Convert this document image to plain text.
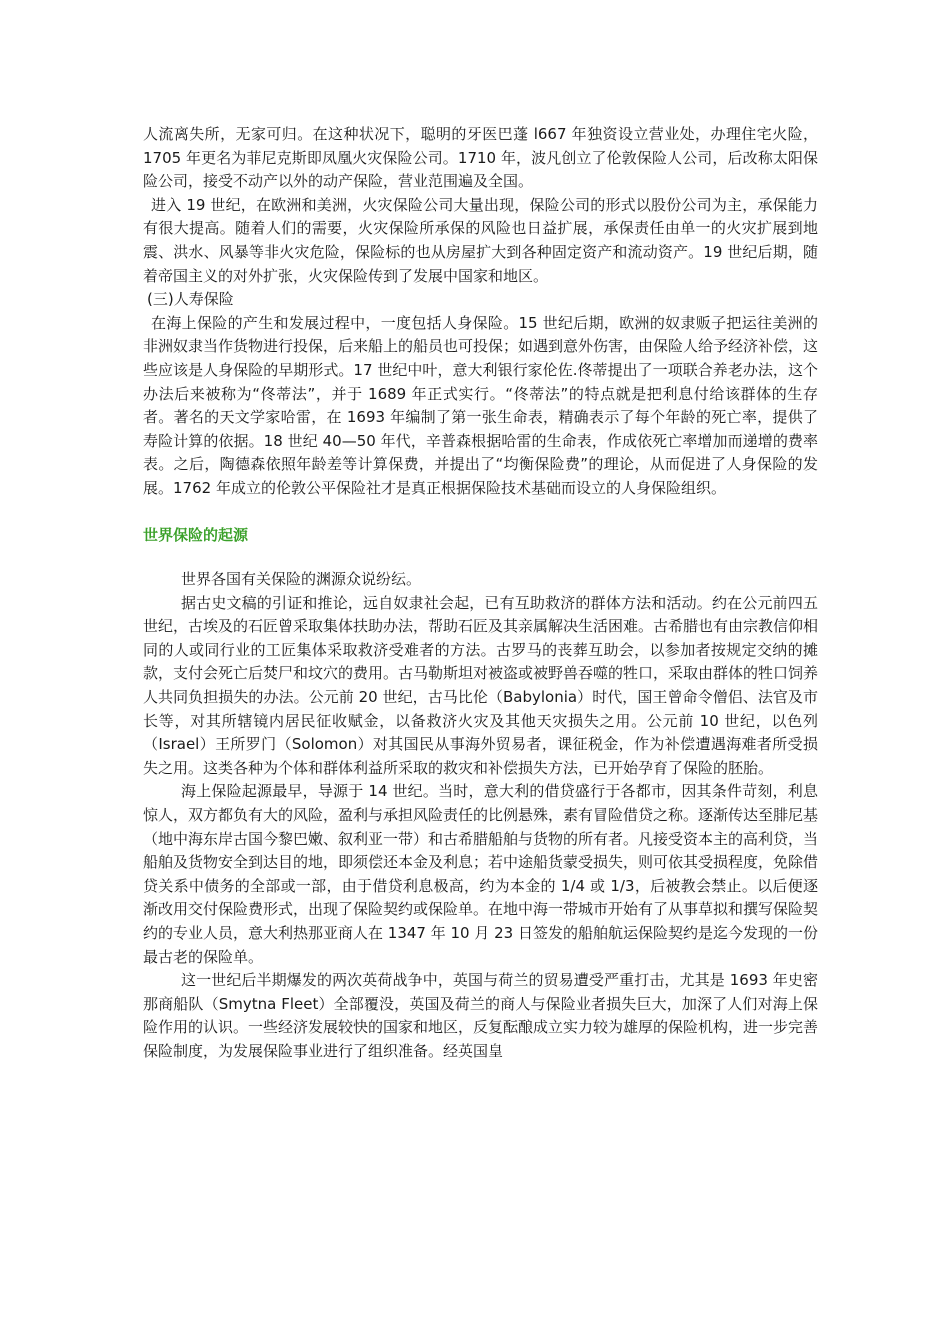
人流离失所，无家可归。在这种状况下，聪明的牙医巴蓬 l667 年独资设立营业处，办理住宅火险，1705 年更名为菲尼克斯即凤凰火灾保险公司。1710 年，波凡创立了伦敦保险人公司，后改称太阳保险公司，接受不动产以外的动产保险，营业范围遍及全国。

进入 19 世纪，在欧洲和美洲，火灾保险公司大量出现，保险公司的形式以股份公司为主，承保能力有很大提高。随着人们的需要，火灾保险所承保的风险也日益扩展，承保责任由单一的火灾扩展到地震、洪水、风暴等非火灾危险，保险标的也从房屋扩大到各种固定资产和流动资产。19 世纪后期，随着帝国主义的对外扩张，火灾保险传到了发展中国家和地区。

(三)人寿保险

在海上保险的产生和发展过程中，一度包括人身保险。15 世纪后期，欧洲的奴隶贩子把运往美洲的非洲奴隶当作货物进行投保，后来船上的船员也可投保；如遇到意外伤害，由保险人给予经济补偿，这些应该是人身保险的早期形式。17 世纪中叶，意大利银行家伦佐.佟蒂提出了一项联合养老办法，这个办法后来被称为“佟蒂法”，并于 1689 年正式实行。“佟蒂法”的特点就是把利息付给该群体的生存者。著名的天文学家哈雷，在 1693 年编制了第一张生命表，精确表示了每个年龄的死亡率，提供了寿险计算的依据。18 世纪 40—50 年代，辛普森根据哈雷的生命表，作成依死亡率增加而递增的费率表。之后，陶德森依照年龄差等计算保费，并提出了“均衡保险费”的理论，从而促进了人身保险的发展。1762 年成立的伦敦公平保险社才是真正根据保险技术基础而设立的人身保险组织。

世界保险的起源

世界各国有关保险的渊源众说纷纭。

据古史文稿的引证和推论，远自奴隶社会起，已有互助救济的群体方法和活动。约在公元前四五世纪，古埃及的石匠曾采取集体扶助办法，帮助石匠及其亲属解决生活困难。古希腊也有由宗教信仰相同的人或同行业的工匠集体采取救济受难者的方法。古罗马的丧葬互助会，以参加者按规定交纳的摊款，支付会死亡后焚尸和坟穴的费用。古马勒斯坦对被盗或被野兽吞噬的牲口，采取由群体的牲口饲养人共同负担损失的办法。公元前 20 世纪，古马比伦（Babylonia）时代，国王曾命令僧侣、法官及市长等，对其所辖镜内居民征收赋金，以备救济火灾及其他天灾损失之用。公元前 10 世纪，以色列（Israel）王所罗门（Solomon）对其国民从事海外贸易者，课征税金，作为补偿遭遇海难者所受损失之用。这类各种为个体和群体利益所采取的救灾和补偿损失方法，已开始孕育了保险的胚胎。

海上保险起源最早，导源于 14 世纪。当时，意大利的借贷盛行于各都市，因其条件苛刻，利息惊人，双方都负有大的风险，盈利与承担风险责任的比例悬殊，素有冒险借贷之称。逐渐传达至腓尼基（地中海东岸古国今黎巴嫩、叙利亚一带）和古希腊船舶与货物的所有者。凡接受资本主的高利贷，当船舶及货物安全到达目的地，即须偿还本金及利息；若中途船货蒙受损失，则可依其受损程度，免除借贷关系中债务的全部或一部，由于借贷利息极高，约为本金的 1/4 或 1/3，后被教会禁止。以后便逐渐改用交付保险费形式，出现了保险契约或保险单。在地中海一带城市开始有了从事草拟和撰写保险契约的专业人员，意大利热那亚商人在 1347 年 10 月 23 日签发的船舶航运保险契约是迄今发现的一份最古老的保险单。

这一世纪后半期爆发的两次英荷战争中，英国与荷兰的贸易遭受严重打击，尤其是 1693 年史密那商船队（Smytna Fleet）全部覆没，英国及荷兰的商人与保险业者损失巨大，加深了人们对海上保险作用的认识。一些经济发展较快的国家和地区，反复酝酿成立实力较为雄厚的保险机构，进一步完善保险制度，为发展保险事业进行了组织准备。经英国皇
